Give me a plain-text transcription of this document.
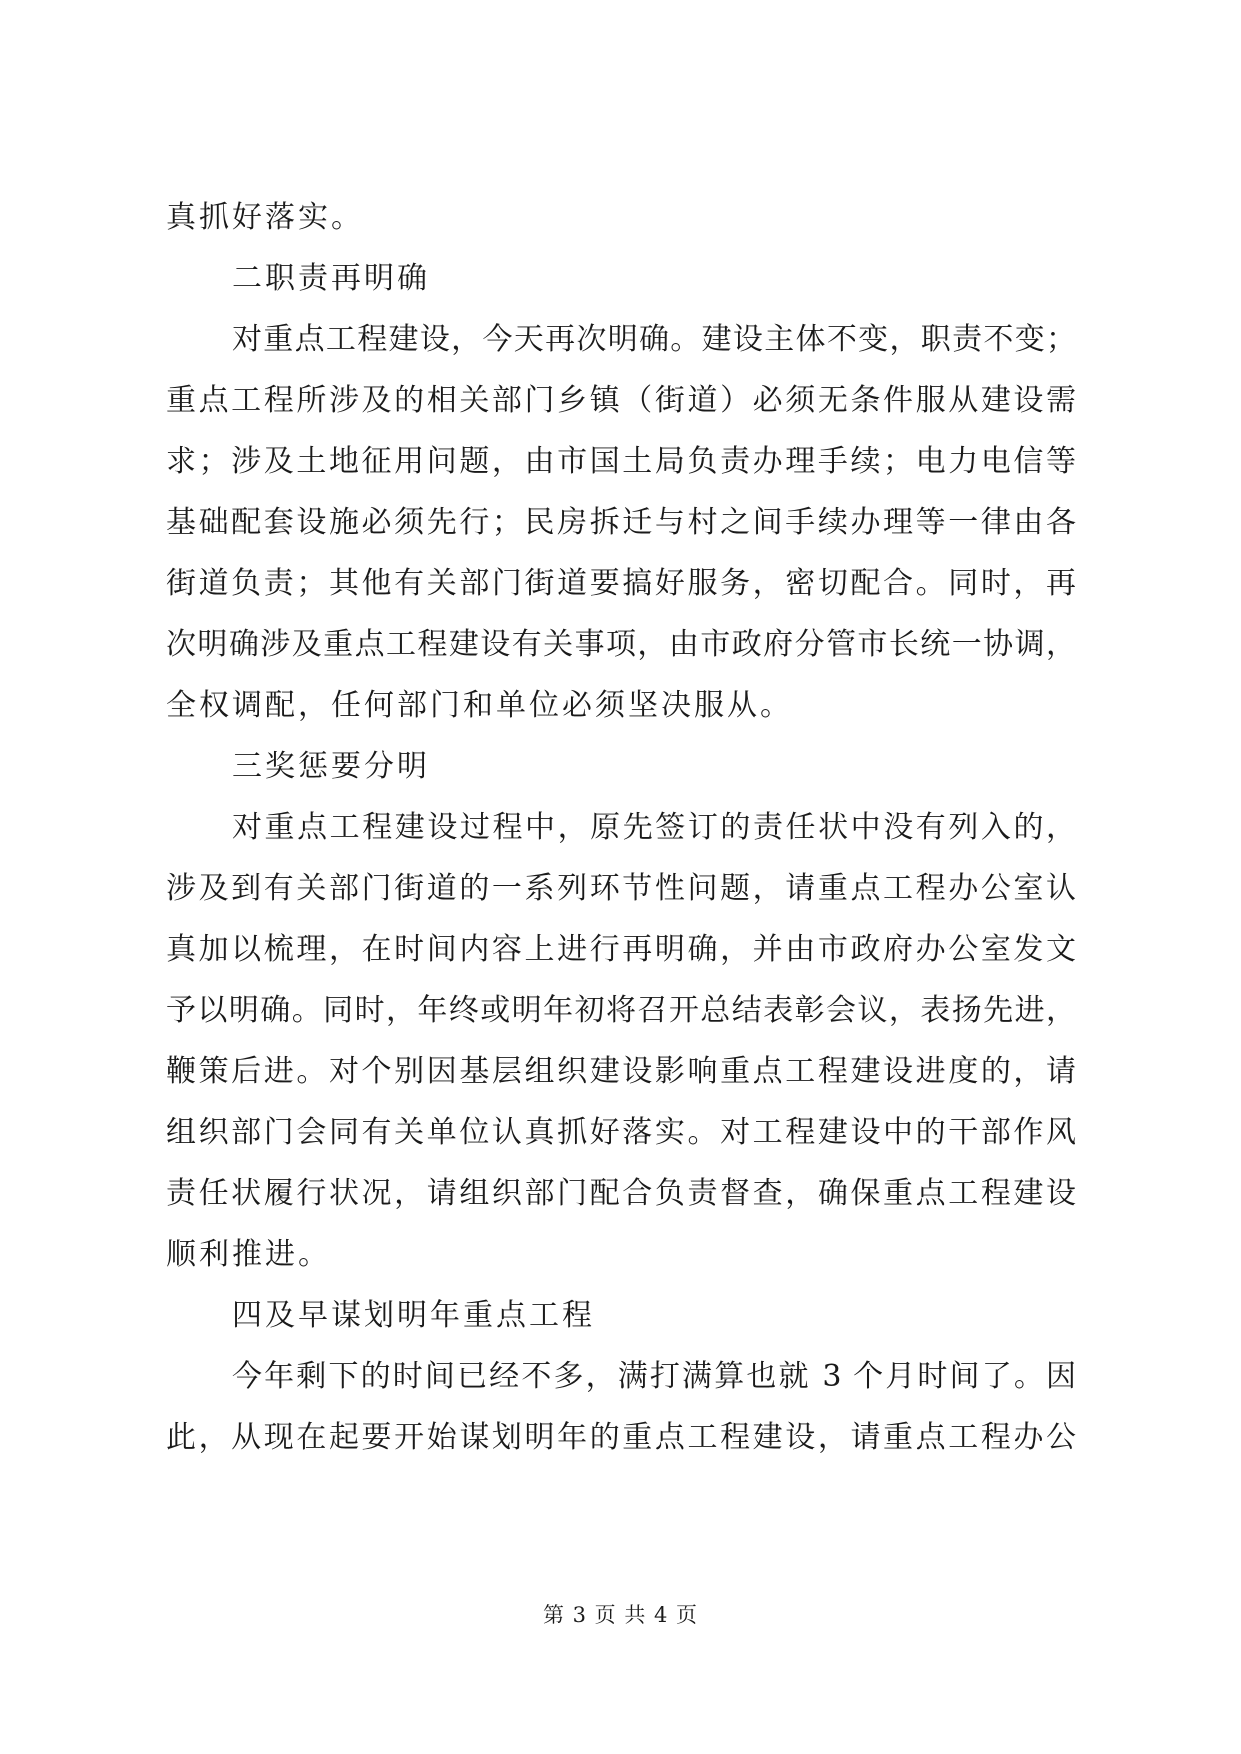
真抓好落实。
二职责再明确
对重点工程建设，今天再次明确。建设主体不变，职责不变；
重点工程所涉及的相关部门乡镇（街道）必须无条件服从建设需
求；涉及土地征用问题，由市国土局负责办理手续；电力电信等
基础配套设施必须先行；民房拆迁与村之间手续办理等一律由各
街道负责；其他有关部门街道要搞好服务，密切配合。同时，再
次明确涉及重点工程建设有关事项，由市政府分管市长统一协调，
全权调配，任何部门和单位必须坚决服从。
三奖惩要分明
对重点工程建设过程中，原先签订的责任状中没有列入的，
涉及到有关部门街道的一系列环节性问题，请重点工程办公室认
真加以梳理，在时间内容上进行再明确，并由市政府办公室发文
予以明确。同时，年终或明年初将召开总结表彰会议，表扬先进，
鞭策后进。对个别因基层组织建设影响重点工程建设进度的，请
组织部门会同有关单位认真抓好落实。对工程建设中的干部作风
责任状履行状况，请组织部门配合负责督查，确保重点工程建设
顺利推进。
四及早谋划明年重点工程
今年剩下的时间已经不多，满打满算也就 3 个月时间了。因
此，从现在起要开始谋划明年的重点工程建设，请重点工程办公
第 3 页 共 4 页
